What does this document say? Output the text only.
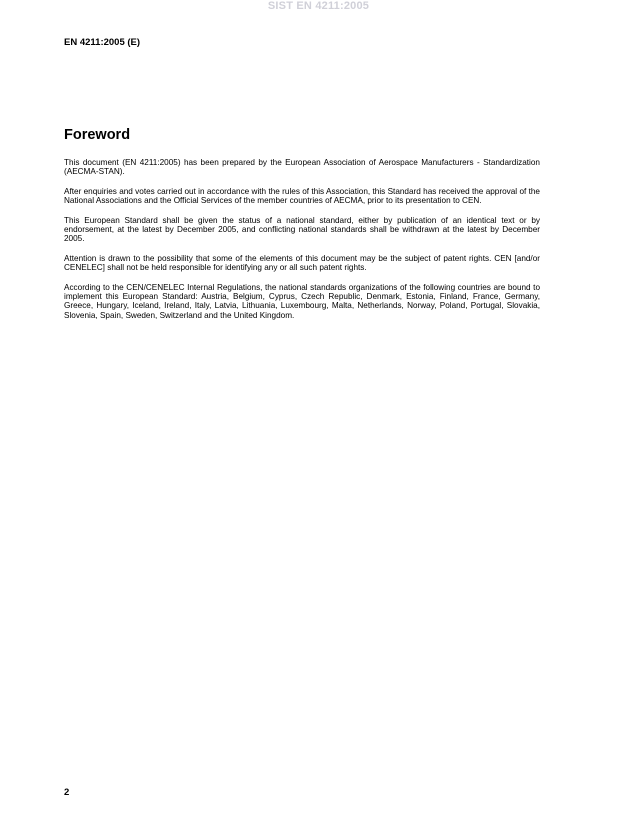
SIST EN 4211:2005
EN 4211:2005 (E)
Foreword

This document (EN 4211:2005) has been prepared by the European Association of Aerospace Manufacturers - Standardization (AECMA-STAN).

After enquiries and votes carried out in accordance with the rules of this Association, this Standard has received the approval of the National Associations and the Official Services of the member countries of AECMA, prior to its presentation to CEN.

This European Standard shall be given the status of a national standard, either by publication of an identical text or by endorsement, at the latest by December 2005, and conflicting national standards shall be withdrawn at the latest by December 2005.

Attention is drawn to the possibility that some of the elements of this document may be the subject of patent rights. CEN [and/or CENELEC] shall not be held responsible for identifying any or all such patent rights.

According to the CEN/CENELEC Internal Regulations, the national standards organizations of the following countries are bound to implement this European Standard: Austria, Belgium, Cyprus, Czech Republic, Denmark, Estonia, Finland, France, Germany, Greece, Hungary, Iceland, Ireland, Italy, Latvia, Lithuania, Luxembourg, Malta, Netherlands, Norway, Poland, Portugal, Slovakia, Slovenia, Spain, Sweden, Switzerland and the United Kingdom.

2
